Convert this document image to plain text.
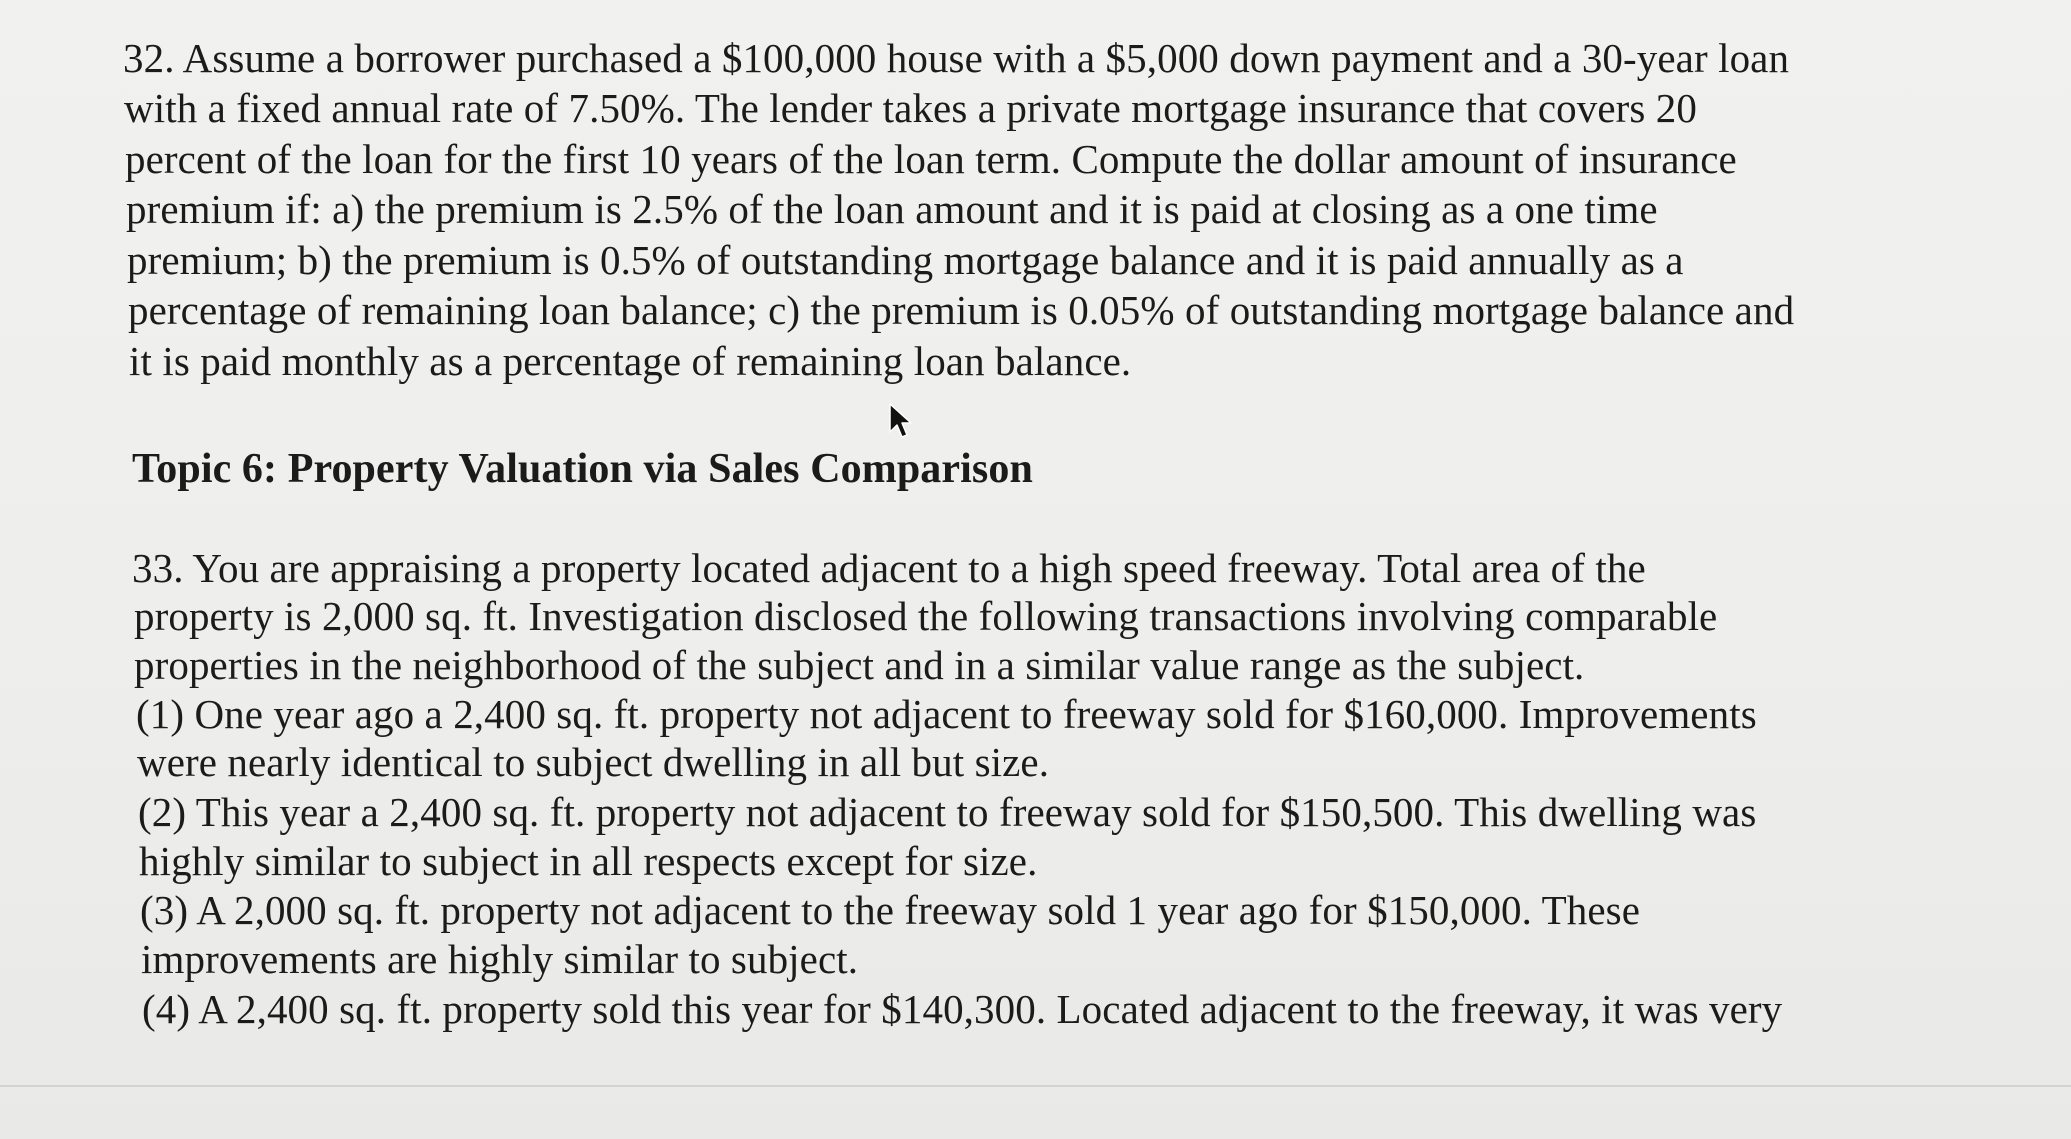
32. Assume a borrower purchased a $100,000 house with a $5,000 down payment and a 30-year loan
with a fixed annual rate of 7.50%. The lender takes a private mortgage insurance that covers 20
percent of the loan for the first 10 years of the loan term. Compute the dollar amount of insurance
premium if: a) the premium is 2.5% of the loan amount and it is paid at closing as a one time
premium; b) the premium is 0.5% of outstanding mortgage balance and it is paid annually as a
percentage of remaining loan balance; c) the premium is 0.05% of outstanding mortgage balance and
it is paid monthly as a percentage of remaining loan balance.
Topic 6: Property Valuation via Sales Comparison
33. You are appraising a property located adjacent to a high speed freeway. Total area of the
property is 2,000 sq. ft. Investigation disclosed the following transactions involving comparable
properties in the neighborhood of the subject and in a similar value range as the subject.
(1) One year ago a 2,400 sq. ft. property not adjacent to freeway sold for $160,000. Improvements
were nearly identical to subject dwelling in all but size.
(2) This year a 2,400 sq. ft. property not adjacent to freeway sold for $150,500. This dwelling was
highly similar to subject in all respects except for size.
(3) A 2,000 sq. ft. property not adjacent to the freeway sold 1 year ago for $150,000. These
improvements are highly similar to subject.
(4) A 2,400 sq. ft. property sold this year for $140,300. Located adjacent to the freeway, it was very
